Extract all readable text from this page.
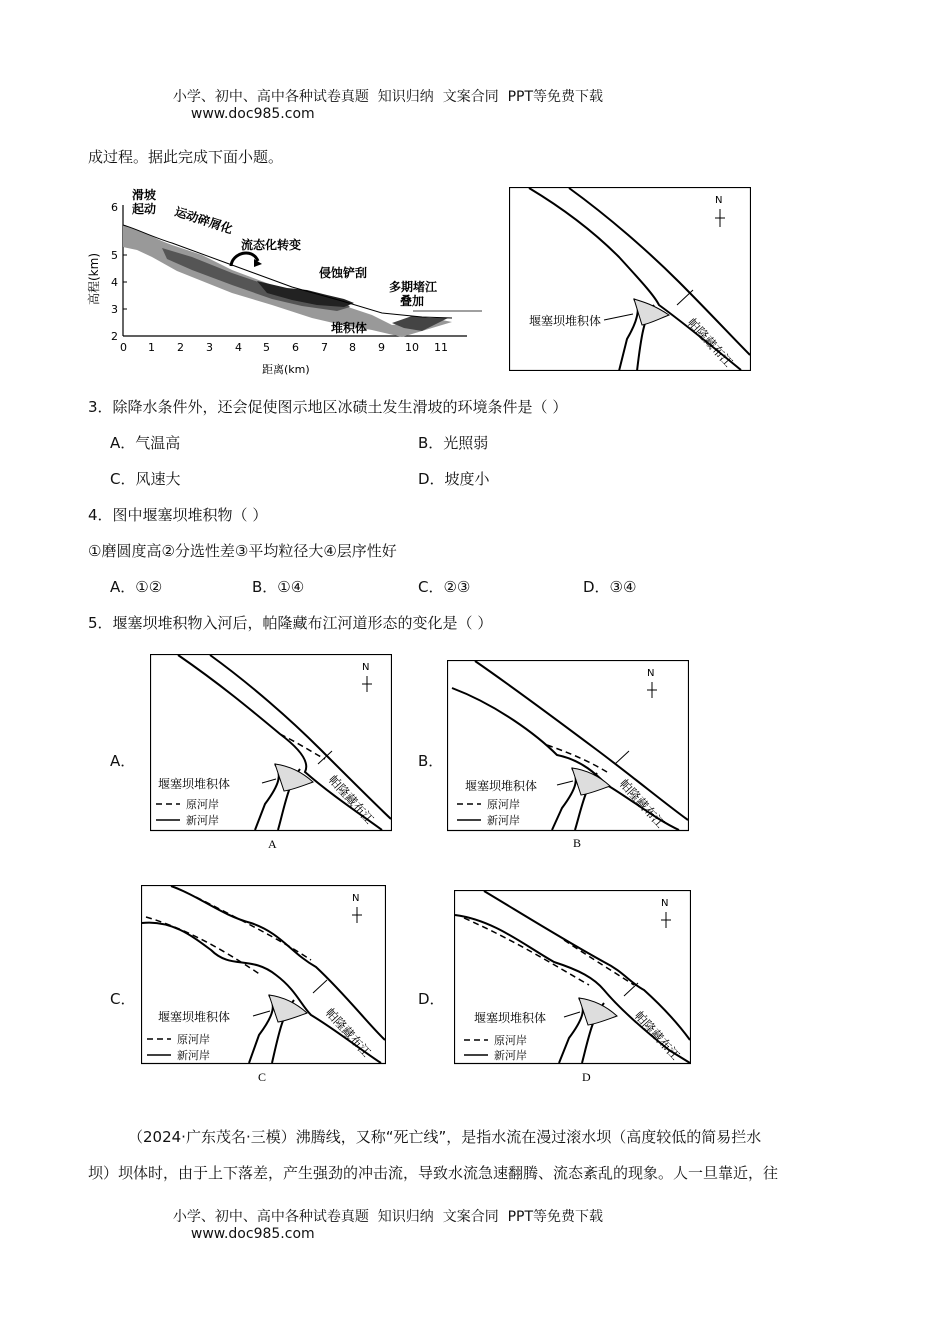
小学、初中、高中各种试卷真题  知识归纳  文案合同  PPT等免费下载
www.doc985.com

成过程。据此完成下面小题。
2
3
4
5
6
0 1 2 3 4 5 6 7 8 9 10 11
距离(km)
高程(km)
滑坡
起动 运动碎屑化
流态化转变
侵蚀铲刮
多期堵江
叠加
堆积体
N
堰塞坝堆积体	帕隆藏布江
3．除降水条件外，还会促使图示地区冰碛土发生滑坡的环境条件是（ ）
A．气温高	B．光照弱
C．风速大	D．坡度小
4．图中堰塞坝堆积物（ ）
①磨圆度高②分选性差③平均粒径大④层序性好
A．①②	B．①④	C．②③	D．③④
5．堰塞坝堆积物入河后，帕隆藏布江河道形态的变化是（ ）
A．	B．
C．	D．
N
堰塞坝堆积体	帕隆藏布江
原河岸
新河岸
A
N
堰塞坝堆积体	帕隆藏布江
原河岸
新河岸
B
N
堰塞坝堆积体	帕隆藏布江
原河岸
新河岸
C
N
堰塞坝堆积体	帕隆藏布江
原河岸
新河岸
D
（2024·广东茂名·三模）沸腾线，又称“死亡线”，是指水流在漫过滚水坝（高度较低的简易拦水
坝）坝体时，由于上下落差，产生强劲的冲击流，导致水流急速翻腾、流态紊乱的现象。人一旦靠近，往

小学、初中、高中各种试卷真题  知识归纳  文案合同  PPT等免费下载
www.doc985.com
